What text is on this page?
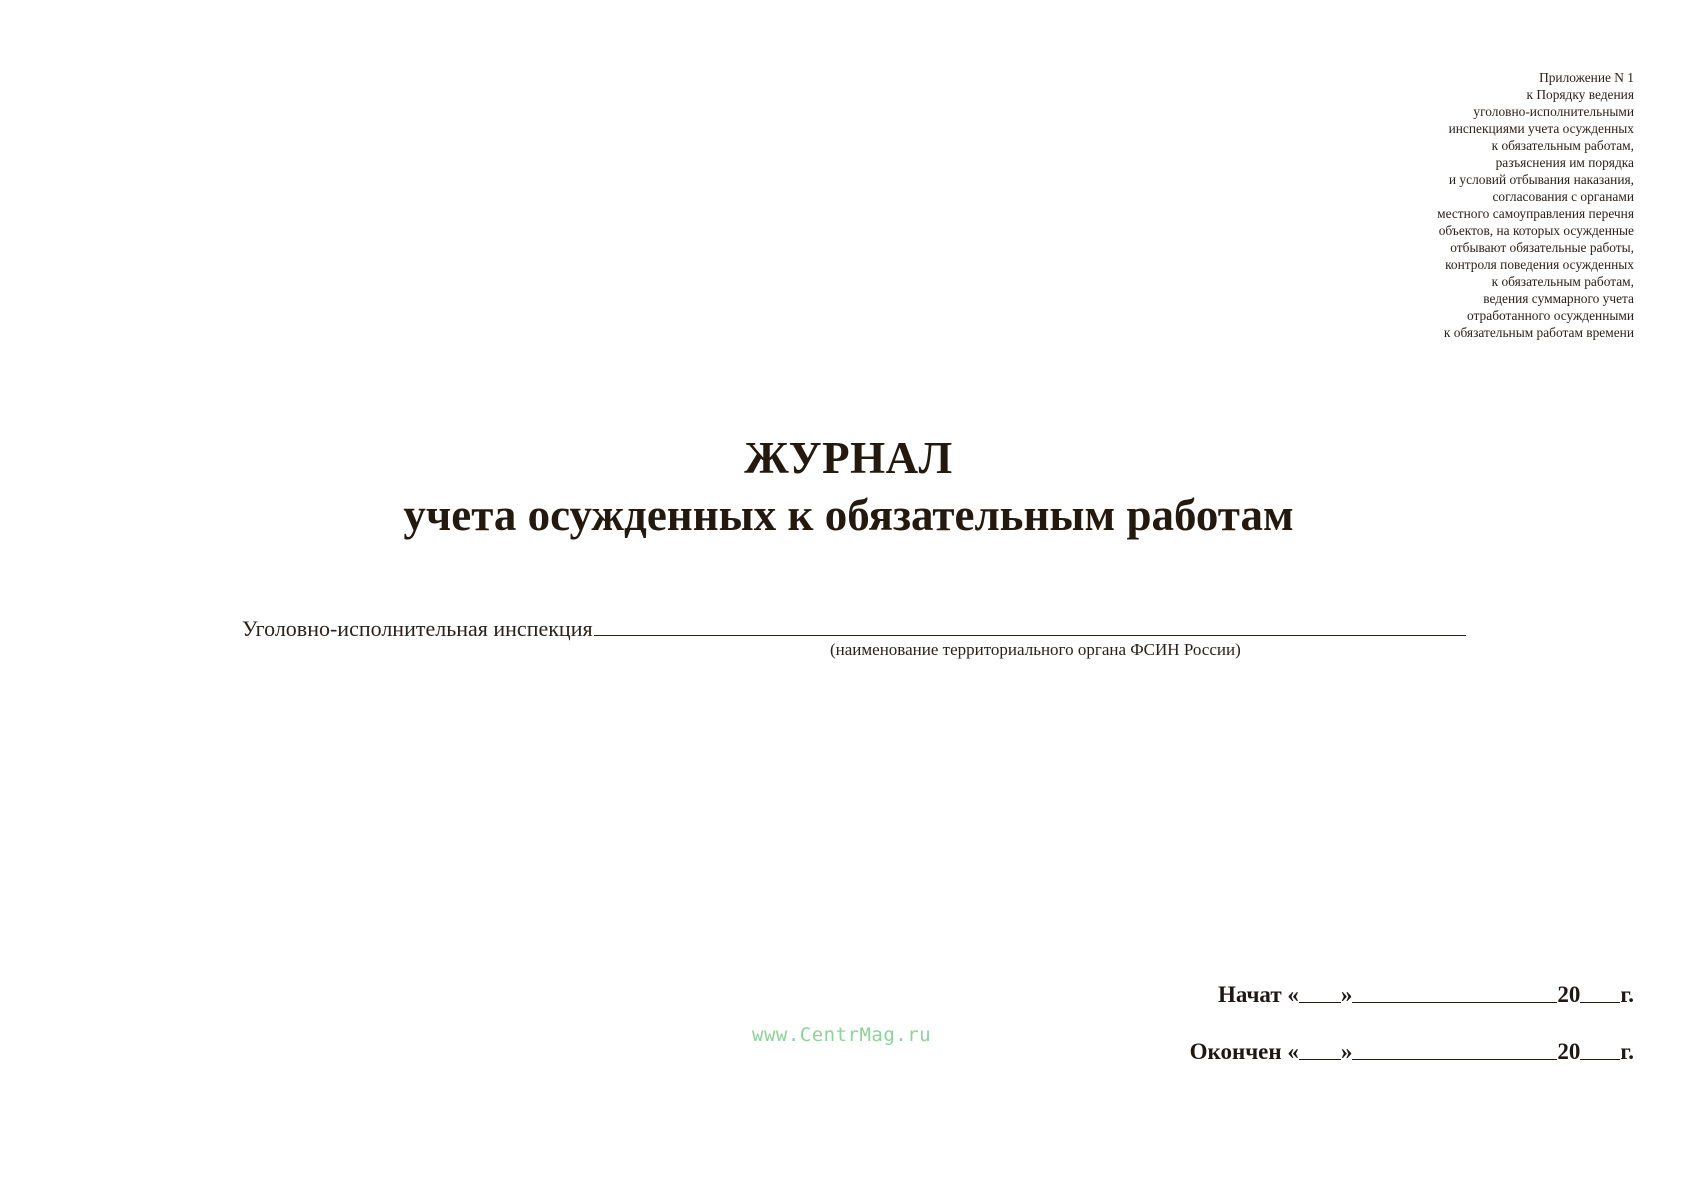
Приложение N 1
к Порядку ведения
уголовно-исполнительными
инспекциями учета осужденных
к обязательным работам,
разъяснения им порядка
и условий отбывания наказания,
согласования с органами
местного самоуправления перечня
объектов, на которых осужденные
отбывают обязательные работы,
контроля поведения осужденных
к обязательным работам,
ведения суммарного учета
отработанного осужденными
к обязательным работам времени
ЖУРНАЛ
учета осужденных к обязательным работам
Уголовно-исполнительная инспекция
(наименование территориального органа ФСИН России)
www.CentrMag.ru
Начат
« »	20 г.
Окончен
« »	20 г.
